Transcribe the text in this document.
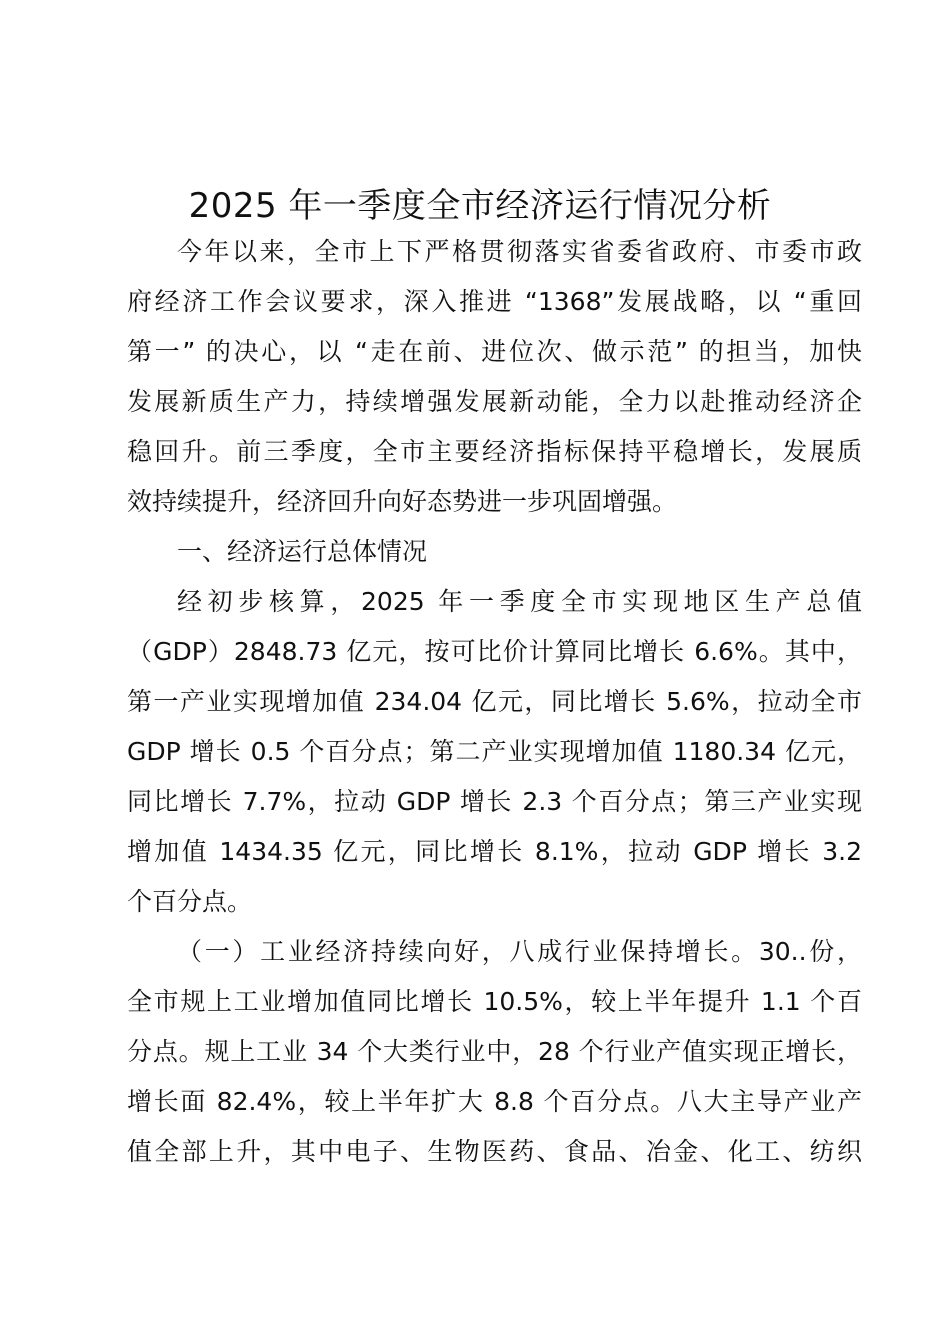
2025 年一季度全市经济运行情况分析
今年以来，全市上下严格贯彻落实省委省政府、市委市政
府经济工作会议要求，深入推进 “1368”发展战略，以 “重回
第一” 的决心，以 “走在前、进位次、做示范” 的担当，加快
发展新质生产力，持续增强发展新动能，全力以赴推动经济企
稳回升。前三季度，全市主要经济指标保持平稳增长，发展质
效持续提升，经济回升向好态势进一步巩固增强。
一、经济运行总体情况
经初步核算，2025 年一季度全市实现地区生产总值
（GDP）2848.73 亿元，按可比价计算同比增长 6.6%。其中，
第一产业实现增加值 234.04 亿元，同比增长 5.6%，拉动全市
GDP 增长 0.5 个百分点；第二产业实现增加值 1180.34 亿元，
同比增长 7.7%，拉动 GDP 增长 2.3 个百分点；第三产业实现
增加值 1434.35 亿元，同比增长 8.1%，拉动 GDP 增长 3.2
个百分点。
（一）工业经济持续向好，八成行业保持增长。30..份，
全市规上工业增加值同比增长 10.5%，较上半年提升 1.1 个百
分点。规上工业 34 个大类行业中，28 个行业产值实现正增长，
增长面 82.4%，较上半年扩大 8.8 个百分点。八大主导产业产
值全部上升，其中电子、生物医药、食品、冶金、化工、纺织
